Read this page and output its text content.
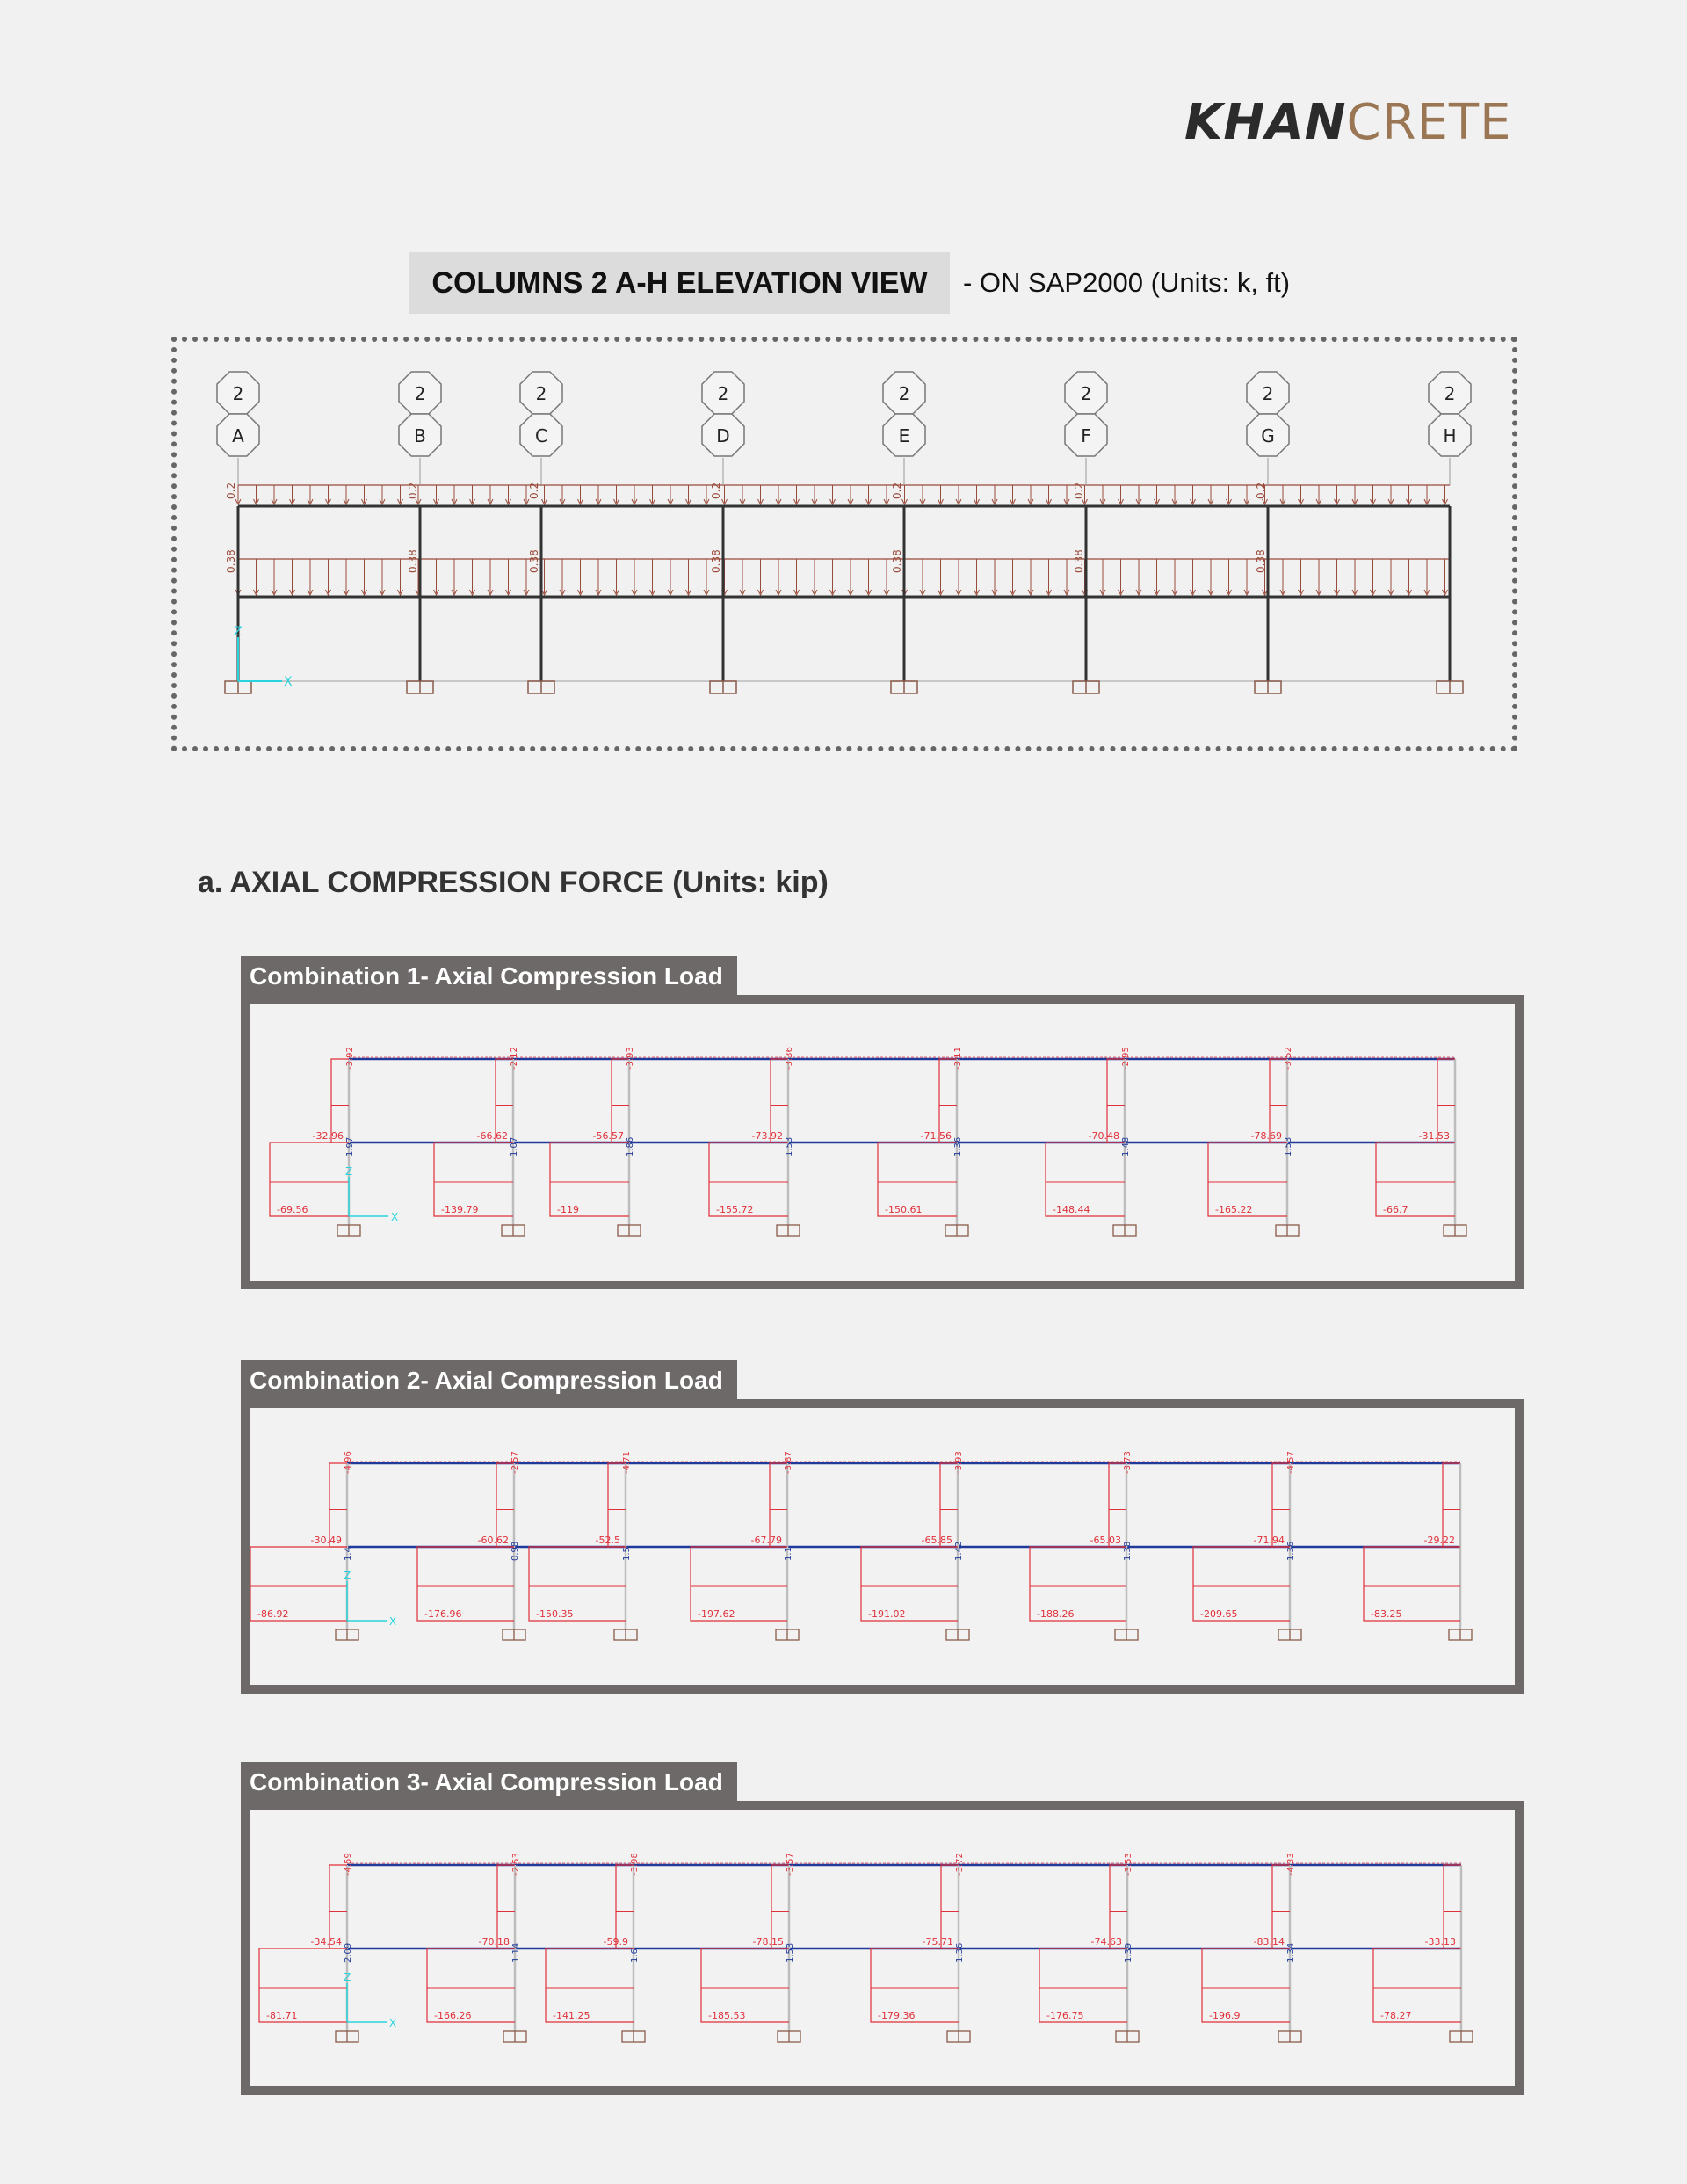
KHANCRETE
COLUMNS 2 A-H ELEVATION VIEW	- ON SAP2000 (Units: k, ft)
0.2	0.2	0.2	0.2	0.2	0.2	0.2
0.38	0.38	0.38	0.38	0.38	0.38	0.38
2
A
2
B
2
C
2
D
2
E
2
F
2
G
2
H
X
Z
a. AXIAL COMPRESSION FORCE (Units: kip)
Combination 1- Axial Compression Load
-3.92
-32.96
-69.56
1.97
-2.12
-66.62
-139.79
1.07
-3.93
-56.57
-119
1.86
-3.36
-73.92
-155.72
1.53
-3.11
-71.56
-150.61
1.36
-2.95
-70.48
-148.44
1.48
-3.52
-78.69
-165.22
1.53
-31.53
-66.7
X
Z
Combination 2- Axial Compression Load
-4.96
-30.49
-86.92
1.4
-2.57
-60.62
-176.96
0.98
-4.71
-52.5
-150.35
1.5
-3.87
-67.79
-197.62
1.1
-3.93
-65.85
-191.02
1.42
-3.73
-65.03
-188.26
1.38
-4.57
-71.94
-209.65
1.36
-29.22
-83.25
X
Z
Combination 3- Axial Compression Load
-4.59
-34.54
-81.71
2.09
-2.53
-70.18
-166.26
1.14
-3.98
-59.9
-141.25
1.6
-3.57
-78.15
-185.53
1.53
-3.72
-75.71
-179.36
1.36
-3.53
-74.63
-176.75
1.39
-4.33
-83.14
-196.9
1.34
-33.13
-78.27
X
Z
